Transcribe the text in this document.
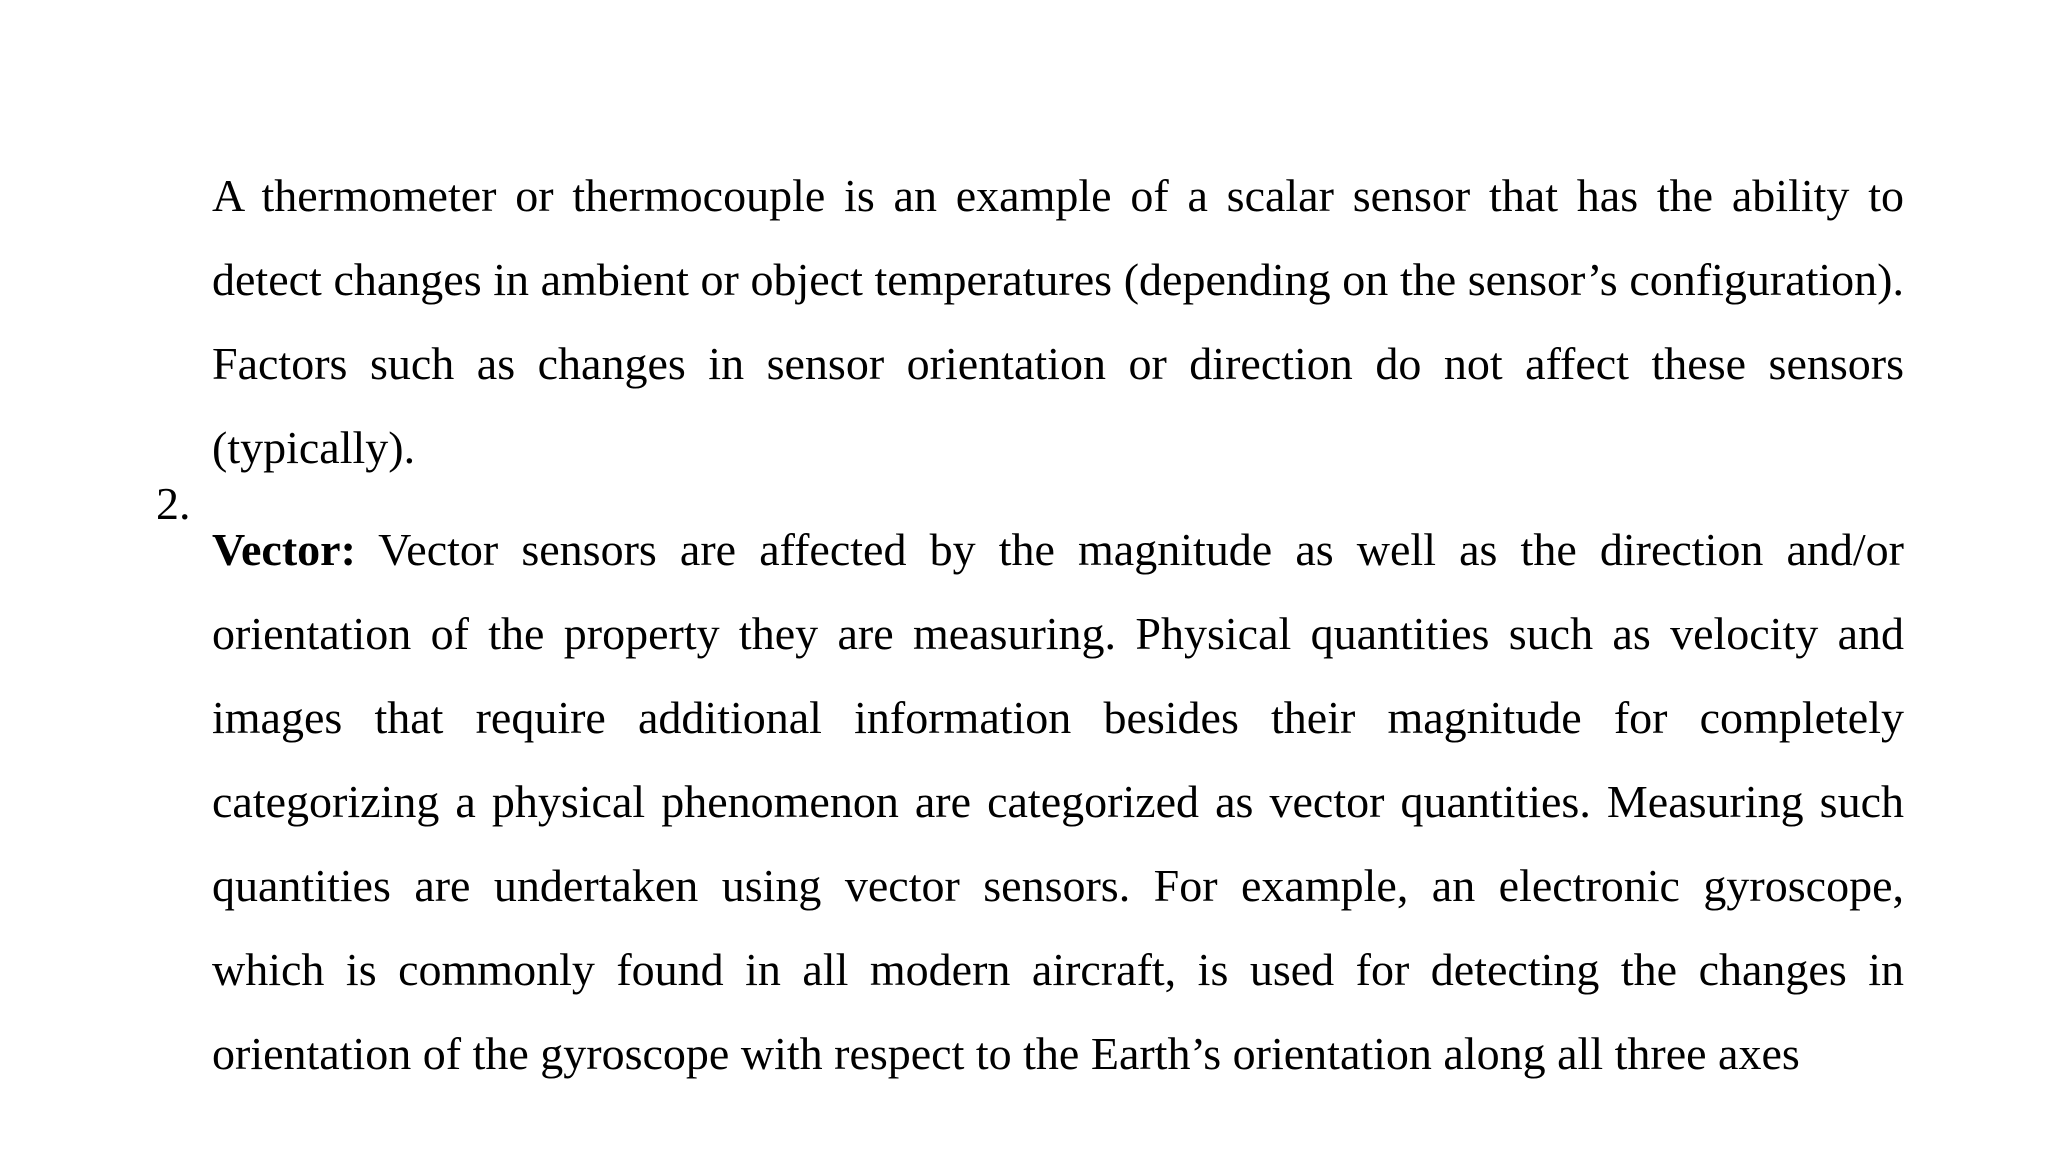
A thermometer or thermocouple is an example of a scalar sensor that has the ability to detect changes in ambient or object temperatures (depending on the sensor’s configuration). Factors such as changes in sensor orientation or direction do not affect these sensors (typically).

2.

Vector: Vector sensors are affected by the magnitude as well as the direction and/or orientation of the property they are measuring. Physical quantities such as velocity and images that require additional information besides their magnitude for completely categorizing a physical phenomenon are categorized as vector quantities. Measuring such quantities are undertaken using vector sensors. For example, an electronic gyroscope, which is commonly found in all modern aircraft, is used for detecting the changes in orientation of the gyroscope with respect to the Earth’s orientation along all three axes
